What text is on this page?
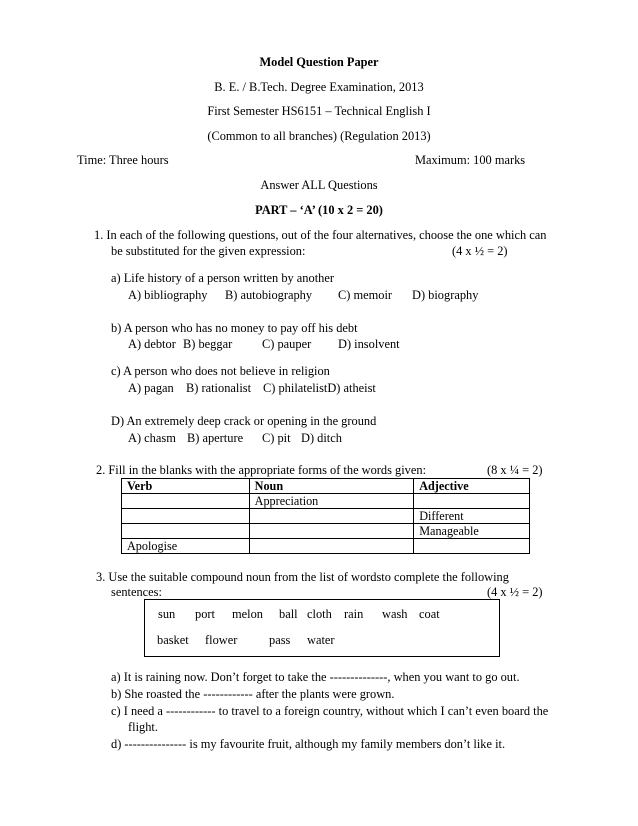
Model Question Paper
B. E. / B.Tech. Degree Examination, 2013
First Semester HS6151 – Technical English I
(Common to all branches) (Regulation 2013)
Time: Three hours	Maximum: 100 marks
Answer ALL Questions
PART – ‘A’ (10 x 2 = 20)
1. In each of the following questions, out of the four alternatives, choose the one which can
be substituted for the given expression:	(4 x ½ = 2)
a) Life history of a person written by another
A) bibliography B) autobiography C) memoir D) biography
b) A person who has no money to pay off his debt
A) debtor B) beggar C) pauper D) insolvent
c) A person who does not believe in religion
A) pagan B) rationalist C) philatelistD) atheist
D) An extremely deep crack or opening in the ground
A) chasm B) aperture C) pit D) ditch
2. Fill in the blanks with the appropriate forms of the words given:	(8 x ¼ = 2)
Verb	Noun	Adjective
	Appreciation	
		Different
		Manageable
Apologise		
3. Use the suitable compound noun from the list of wordsto complete the following
sentences:	(4 x ½ = 2)
sun port melon ball cloth rain wash coat
basket flower	pass water
a) It is raining now. Don’t forget to take the --------------, when you want to go out.
b) She roasted the ------------ after the plants were grown.
c) I need a ------------ to travel to a foreign country, without which I can’t even board the
flight.
d) --------------- is my favourite fruit, although my family members don’t like it.
